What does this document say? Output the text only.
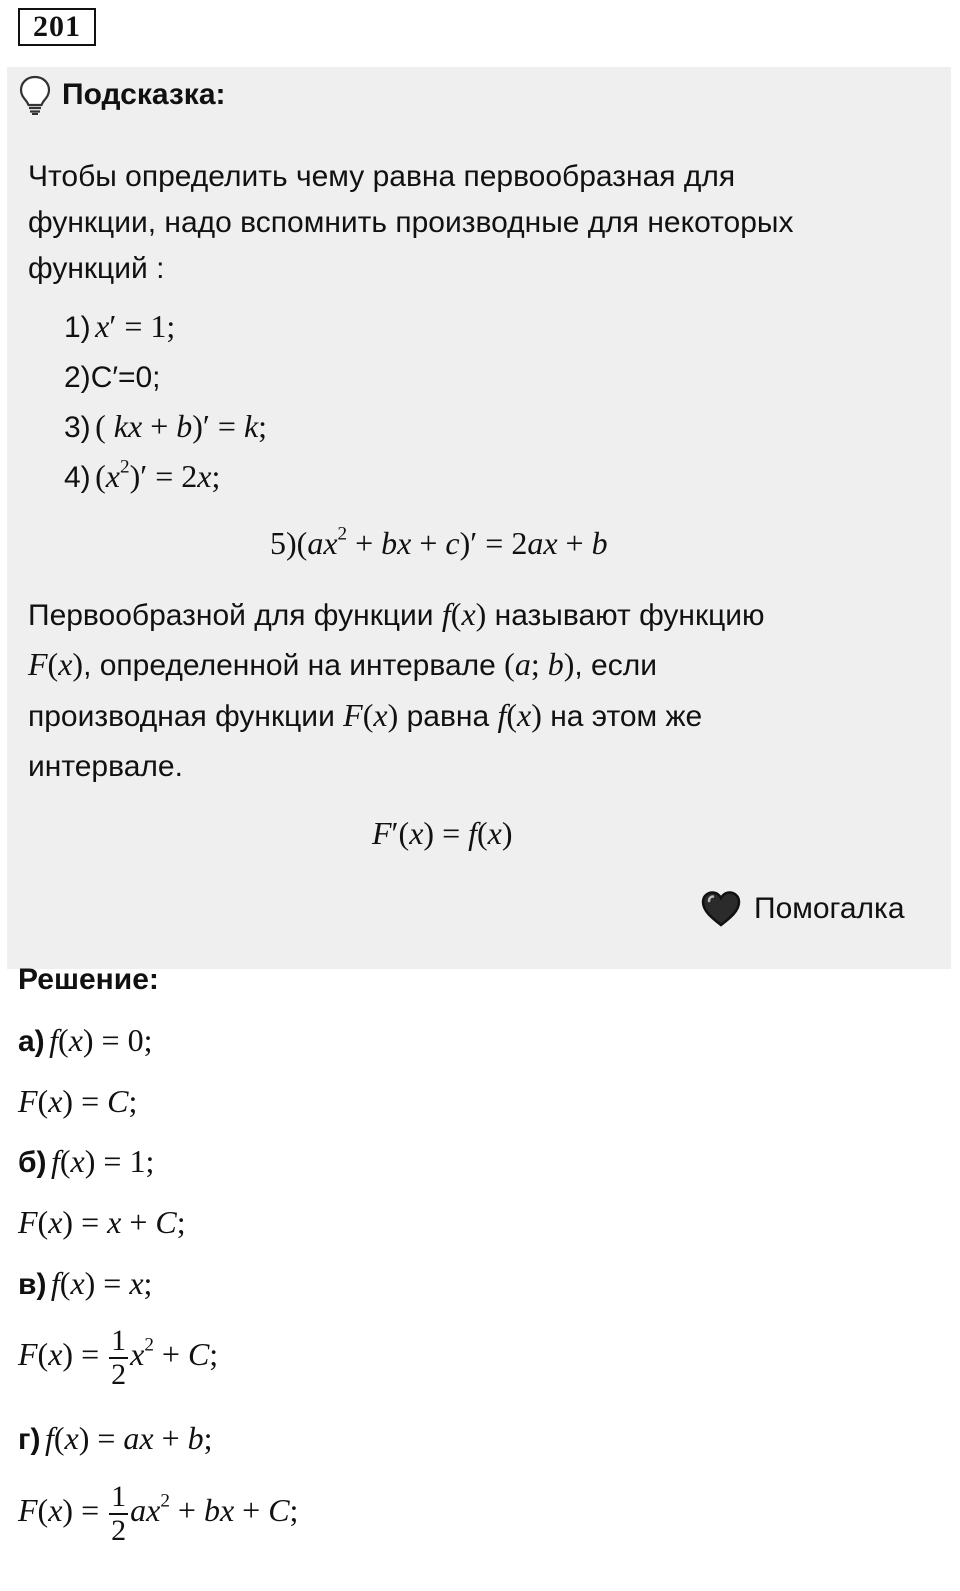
201
Подсказка:
Чтобы определить чему равна первообразная для
функции, надо вспомнить производные для некоторых
функций :
1) x′ = 1;
2)C′=0;
3) ( kx + b)′ = k;
4) $(x^2)' = 2x$;
$5)(ax^2$ + bx + c)′ = 2ax + b
Первообразной для функции f(x) называют функцию
F(x), определенной на интервале (a; b), если
производная функции F(x) равна f(x) на этом же
интервале.
F′(x) = f(x)
Помогалка
Решение:
а) f(x) = 0;
F(x) = C;
б) f(x) = 1;
F(x) = x + C;
в) f(x) = x;
$F(x) = \frac{1}{2} x^2 + C$;
г) f(x) = ax + b;
$F(x) = \frac{1}{2} ax^2$ + bx + C;
